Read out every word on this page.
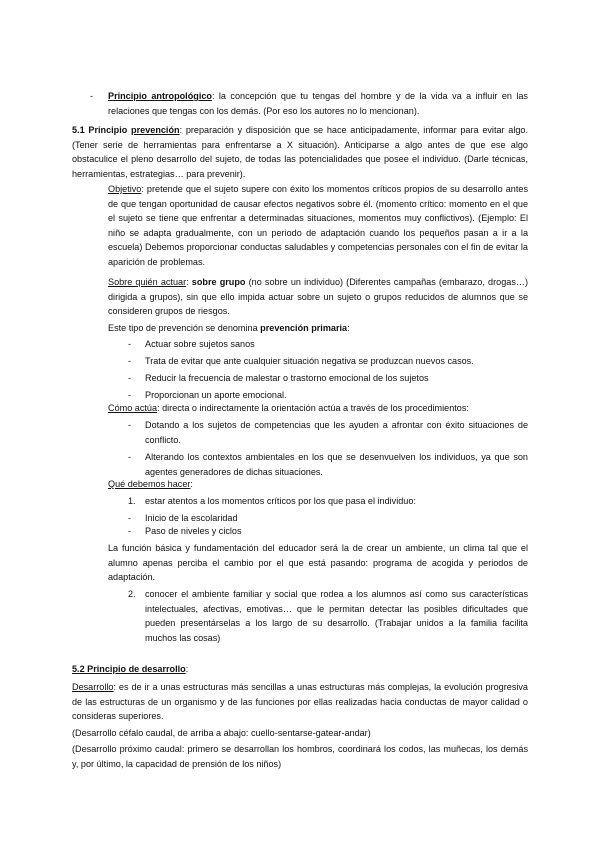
- Principio antropológico: la concepción que tu tengas del hombre y de la vida va a influir en las relaciones que tengas con los demás. (Por eso los autores no lo mencionan).

5.1 Principio prevención: preparación y disposición que se hace anticipadamente, informar para evitar algo. (Tener serie de herramientas para enfrentarse a X situación). Anticiparse a algo antes de que ese algo obstaculice el pleno desarrollo del sujeto, de todas las potencialidades que posee el individuo. (Darle técnicas, herramientas, estrategias… para prevenir).

Objetivo: pretende que el sujeto supere con éxito los momentos críticos propios de su desarrollo antes de que tengan oportunidad de causar efectos negativos sobre él. (momento crítico: momento en el que el sujeto se tiene que enfrentar a determinadas situaciones, momentos muy conflictivos). (Ejemplo: El niño se adapta gradualmente, con un periodo de adaptación cuando los pequeños pasan a ir a la escuela) Debemos proporcionar conductas saludables y competencias personales con el fin de evitar la aparición de problemas.

Sobre quién actuar: sobre grupo (no sobre un individuo) (Diferentes campañas (embarazo, drogas…) dirigida a grupos), sin que ello impida actuar sobre un sujeto o grupos reducidos de alumnos que se consideren grupos de riesgos.

Este tipo de prevención se denomina prevención primaria:

- Actuar sobre sujetos sanos

- Trata de evitar que ante cualquier situación negativa se produzcan nuevos casos.

- Reducir la frecuencia de malestar o trastorno emocional de los sujetos

- Proporcionan un aporte emocional.

Cómo actúa: directa o indirectamente la orientación actúa a través de los procedimientos:

- Dotando a los sujetos de competencias que les ayuden a afrontar con éxito situaciones de conflicto.

- Alterando los contextos ambientales en los que se desenvuelven los individuos, ya que son agentes generadores de dichas situaciones.

Qué debemos hacer:

1. estar atentos a los momentos críticos por los que pasa el individuo:

- Inicio de la escolaridad

- Paso de niveles y ciclos

La función básica y fundamentación del educador será la de crear un ambiente, un clima tal que el alumno apenas perciba el cambio por el que está pasando: programa de acogida y periodos de adaptación.

2. conocer el ambiente familiar y social que rodea a los alumnos así como sus características intelectuales, afectivas, emotivas… que le permitan detectar las posibles dificultades que pueden presentárselas a los largo de su desarrollo. (Trabajar unidos a la familia facilita muchos las cosas)

5.2 Principio de desarrollo:

Desarrollo: es de ir a unas estructuras más sencillas a unas estructuras más complejas, la evolución progresiva de las estructuras de un organismo y de las funciones por ellas realizadas hacia conductas de mayor calidad o consideras superiores.

(Desarrollo céfalo caudal, de arriba a abajo: cuello-sentarse-gatear-andar)

(Desarrollo próximo caudal: primero se desarrollan los hombros, coordinará los codos, las muñecas, los demás y, por último, la capacidad de prensión de los niños)
